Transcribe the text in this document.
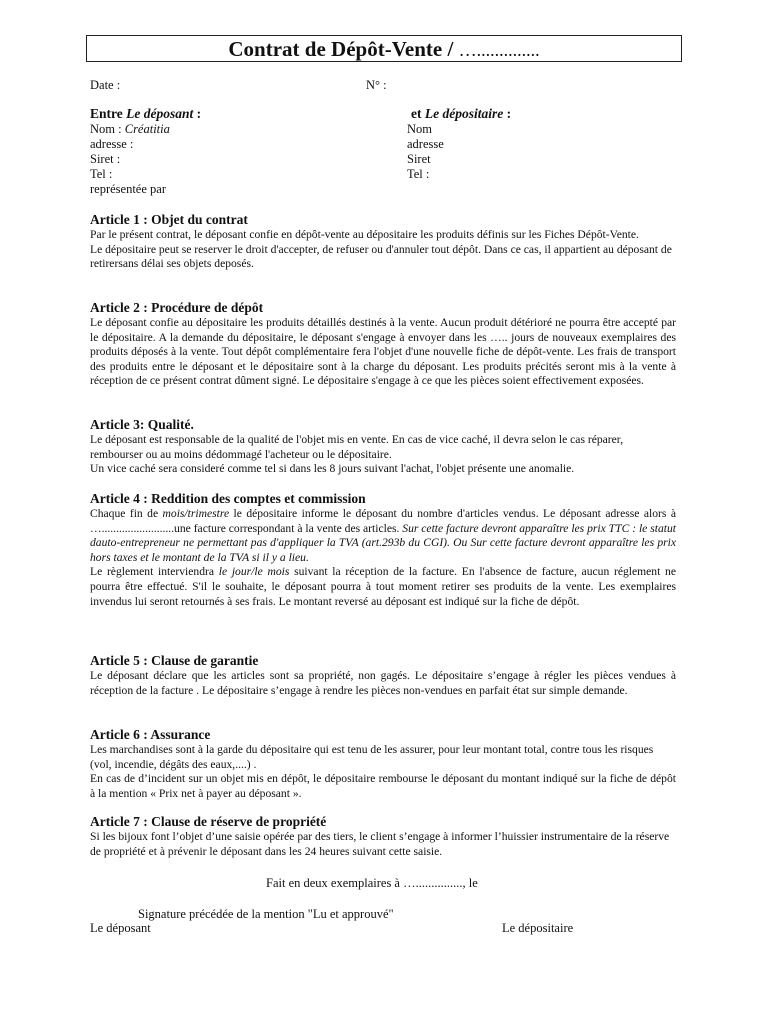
Contrat de Dépôt-Vente / …..............
Date :	N° :
Entre Le déposant :
Nom : Créatitia
adresse :
Siret :
Tel :
représentée par
et Le dépositaire :
Nom
adresse
Siret
Tel :
Article 1 : Objet du contrat

Par le présent contrat, le déposant confie en dépôt-vente au dépositaire les produits définis sur les Fiches Dépôt-Vente.

Le dépositaire peut se reserver le droit d'accepter, de refuser ou d'annuler tout dépôt. Dans ce cas, il appartient au déposant de retirersans délai ses objets deposés.

Article 2 : Procédure de dépôt

Le déposant confie au dépositaire les produits détaillés destinés à la vente. Aucun produit détérioré ne pourra être accepté par le dépositaire. A la demande du dépositaire, le déposant s'engage à envoyer dans les ….. jours de nouveaux exemplaires des produits déposés à la vente. Tout dépôt complémentaire fera l'objet d'une nouvelle fiche de dépôt-vente. Les frais de transport des produits entre le déposant et le dépositaire sont à la charge du déposant. Les produits précités seront mis à la vente à réception de ce présent contrat dûment signé. Le dépositaire s'engage à ce que les pièces soient effectivement exposées.

Article 3: Qualité.

Le déposant est responsable de la qualité de l'objet mis en vente. En cas de vice caché, il devra selon le cas réparer, rembourser ou au moins dédommagé l'acheteur ou le dépositaire.

Un vice caché sera consideré comme tel si dans les 8 jours suivant l'achat, l'objet présente une anomalie.

Article 4 : Reddition des comptes et commission

Chaque fin de mois/trimestre le dépositaire informe le déposant du nombre d'articles vendus. Le déposant adresse alors à ….........................une facture correspondant à la vente des articles. Sur cette facture devront apparaître les prix TTC : le statut dauto-entrepreneur ne permettant pas d'appliquer la TVA (art.293b du CGI). Ou Sur cette facture devront apparaître les prix hors taxes et le montant de la TVA si il y a lieu.

Le règlement interviendra le jour/le mois suivant la réception de la facture. En l'absence de facture, aucun réglement ne pourra être effectué. S'il le souhaite, le déposant pourra à tout moment retirer ses produits de la vente. Les exemplaires invendus lui seront retournés à ses frais. Le montant reversé au déposant est indiqué sur la fiche de dépôt.

Article 5 : Clause de garantie

Le déposant déclare que les articles sont sa propriété, non gagés. Le dépositaire s’engage à régler les pièces vendues à réception de la facture . Le dépositaire s’engage à rendre les pièces non-vendues en parfait état sur simple demande.

Article 6 : Assurance

Les marchandises sont à la garde du dépositaire qui est tenu de les assurer, pour leur montant total, contre tous les risques (vol, incendie, dégâts des eaux,....) .

En cas de d’incident sur un objet mis en dépôt, le dépositaire rembourse le déposant du montant indiqué sur la fiche de dépôt à la mention « Prix net à payer au déposant ».

Article 7 : Clause de réserve de propriété

Si les bijoux font l’objet d’une saisie opérée par des tiers, le client s’engage à informer l’huissier instrumentaire de la réserve de propriété et à prévenir le déposant dans les 24 heures suivant cette saisie.

Fait en deux exemplaires à …..............., le
Signature précédée de la mention "Lu et approuvé"
Le déposant	Le dépositaire
